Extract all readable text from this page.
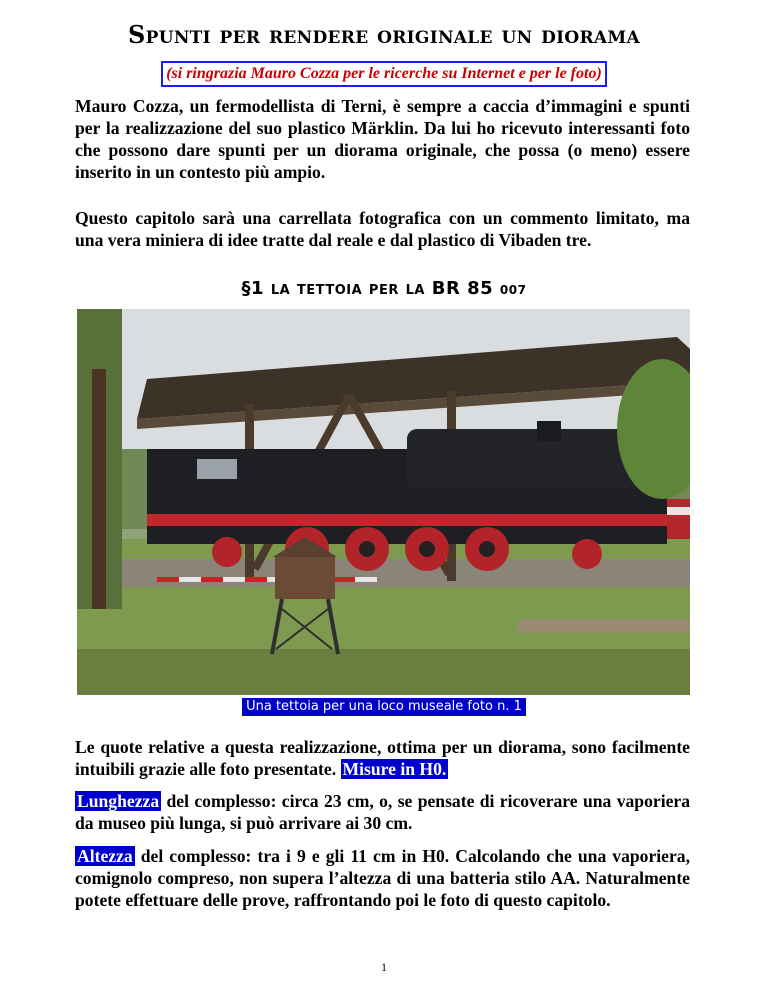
Spunti per rendere originale un diorama
(si ringrazia Mauro Cozza per le ricerche su Internet e per le foto)
Mauro Cozza, un fermodellista di Terni, è sempre a caccia d’immagini e spunti per la realizzazione del suo plastico Märklin. Da lui ho ricevuto interessanti foto che possono dare spunti per un diorama originale, che possa (o meno) essere inserito in un contesto più ampio.
Questo capitolo sarà una carrellata fotografica con un commento limitato, ma una vera miniera di idee tratte dal reale e dal plastico di Vibaden tre.
§1 la tettoia per la BR 85 007
Una tettoia per una loco museale foto n. 1
Le quote relative a questa realizzazione, ottima per un diorama, sono facilmente intuibili grazie alle foto presentate. Misure in H0.
Lunghezza del complesso: circa 23 cm, o, se pensate di ricoverare una vaporiera da museo più lunga, si può arrivare ai 30 cm.
Altezza del complesso: tra i 9 e gli 11 cm in H0. Calcolando che una vaporiera, comignolo compreso, non supera l’altezza di una batteria stilo AA. Naturalmente potete effettuare delle prove, raffrontando poi le foto di questo capitolo.
1
